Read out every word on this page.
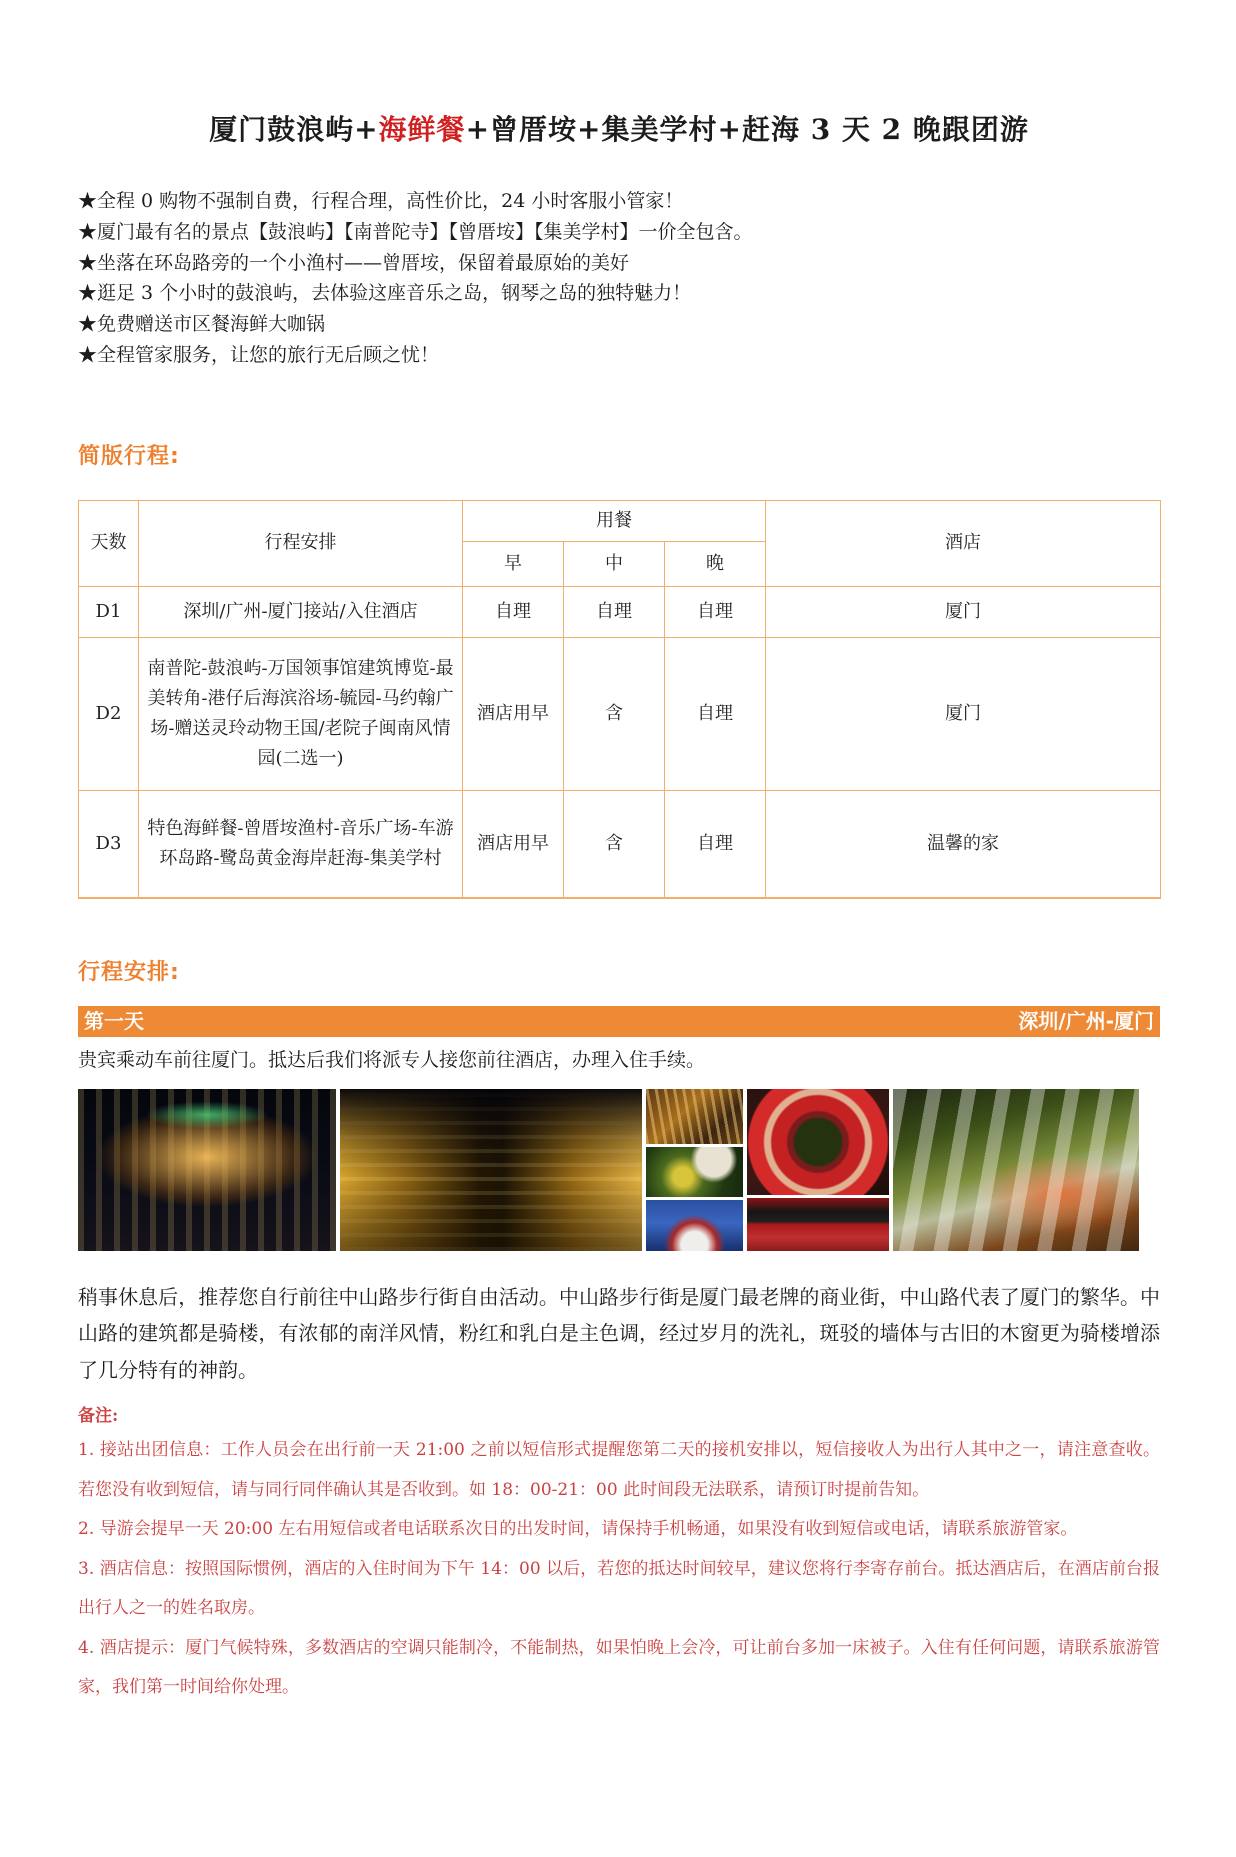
厦门鼓浪屿+海鲜餐+曾厝垵+集美学村+赶海 3 天 2 晚跟团游
★全程 0 购物不强制自费，行程合理，高性价比，24 小时客服小管家！
★厦门最有名的景点【鼓浪屿】【南普陀寺】【曾厝垵】【集美学村】一价全包含。
★坐落在环岛路旁的一个小渔村——曾厝垵，保留着最原始的美好
★逛足 3 个小时的鼓浪屿，去体验这座音乐之岛，钢琴之岛的独特魅力！
★免费赠送市区餐海鲜大咖锅
★全程管家服务，让您的旅行无后顾之忧！
简版行程:
天数	行程安排	用餐			酒店
		早	中	晚	
D1	深圳/广州-厦门接站/入住酒店	自理	自理	自理	厦门
D2	南普陀-鼓浪屿-万国领事馆建筑博览-最美转角-港仔后海滨浴场-毓园-马约翰广场-赠送灵玲动物王国/老院子闽南风情园(二选一)	酒店用早	含	自理	厦门
D3	特色海鲜餐-曾厝垵渔村-音乐广场-车游环岛路-鹭岛黄金海岸赶海-集美学村	酒店用早	含	自理	温馨的家
行程安排:
第一天	深圳/广州-厦门
贵宾乘动车前往厦门。抵达后我们将派专人接您前往酒店，办理入住手续。
稍事休息后，推荐您自行前往中山路步行街自由活动。中山路步行街是厦门最老牌的商业街，中山路代表了厦门的繁华。中山路的建筑都是骑楼，有浓郁的南洋风情，粉红和乳白是主色调，经过岁月的洗礼，斑驳的墙体与古旧的木窗更为骑楼增添了几分特有的神韵。
备注:
1. 接站出团信息：工作人员会在出行前一天 21:00 之前以短信形式提醒您第二天的接机安排以，短信接收人为出行人其中之一，请注意查收。若您没有收到短信，请与同行同伴确认其是否收到。如 18：00-21：00 此时间段无法联系，请预订时提前告知。
2. 导游会提早一天 20:00 左右用短信或者电话联系次日的出发时间，请保持手机畅通，如果没有收到短信或电话，请联系旅游管家。
3. 酒店信息：按照国际惯例，酒店的入住时间为下午 14：00 以后，若您的抵达时间较早，建议您将行李寄存前台。抵达酒店后，在酒店前台报出行人之一的姓名取房。
4. 酒店提示：厦门气候特殊，多数酒店的空调只能制冷，不能制热，如果怕晚上会冷，可让前台多加一床被子。入住有任何问题，请联系旅游管家，我们第一时间给你处理。
